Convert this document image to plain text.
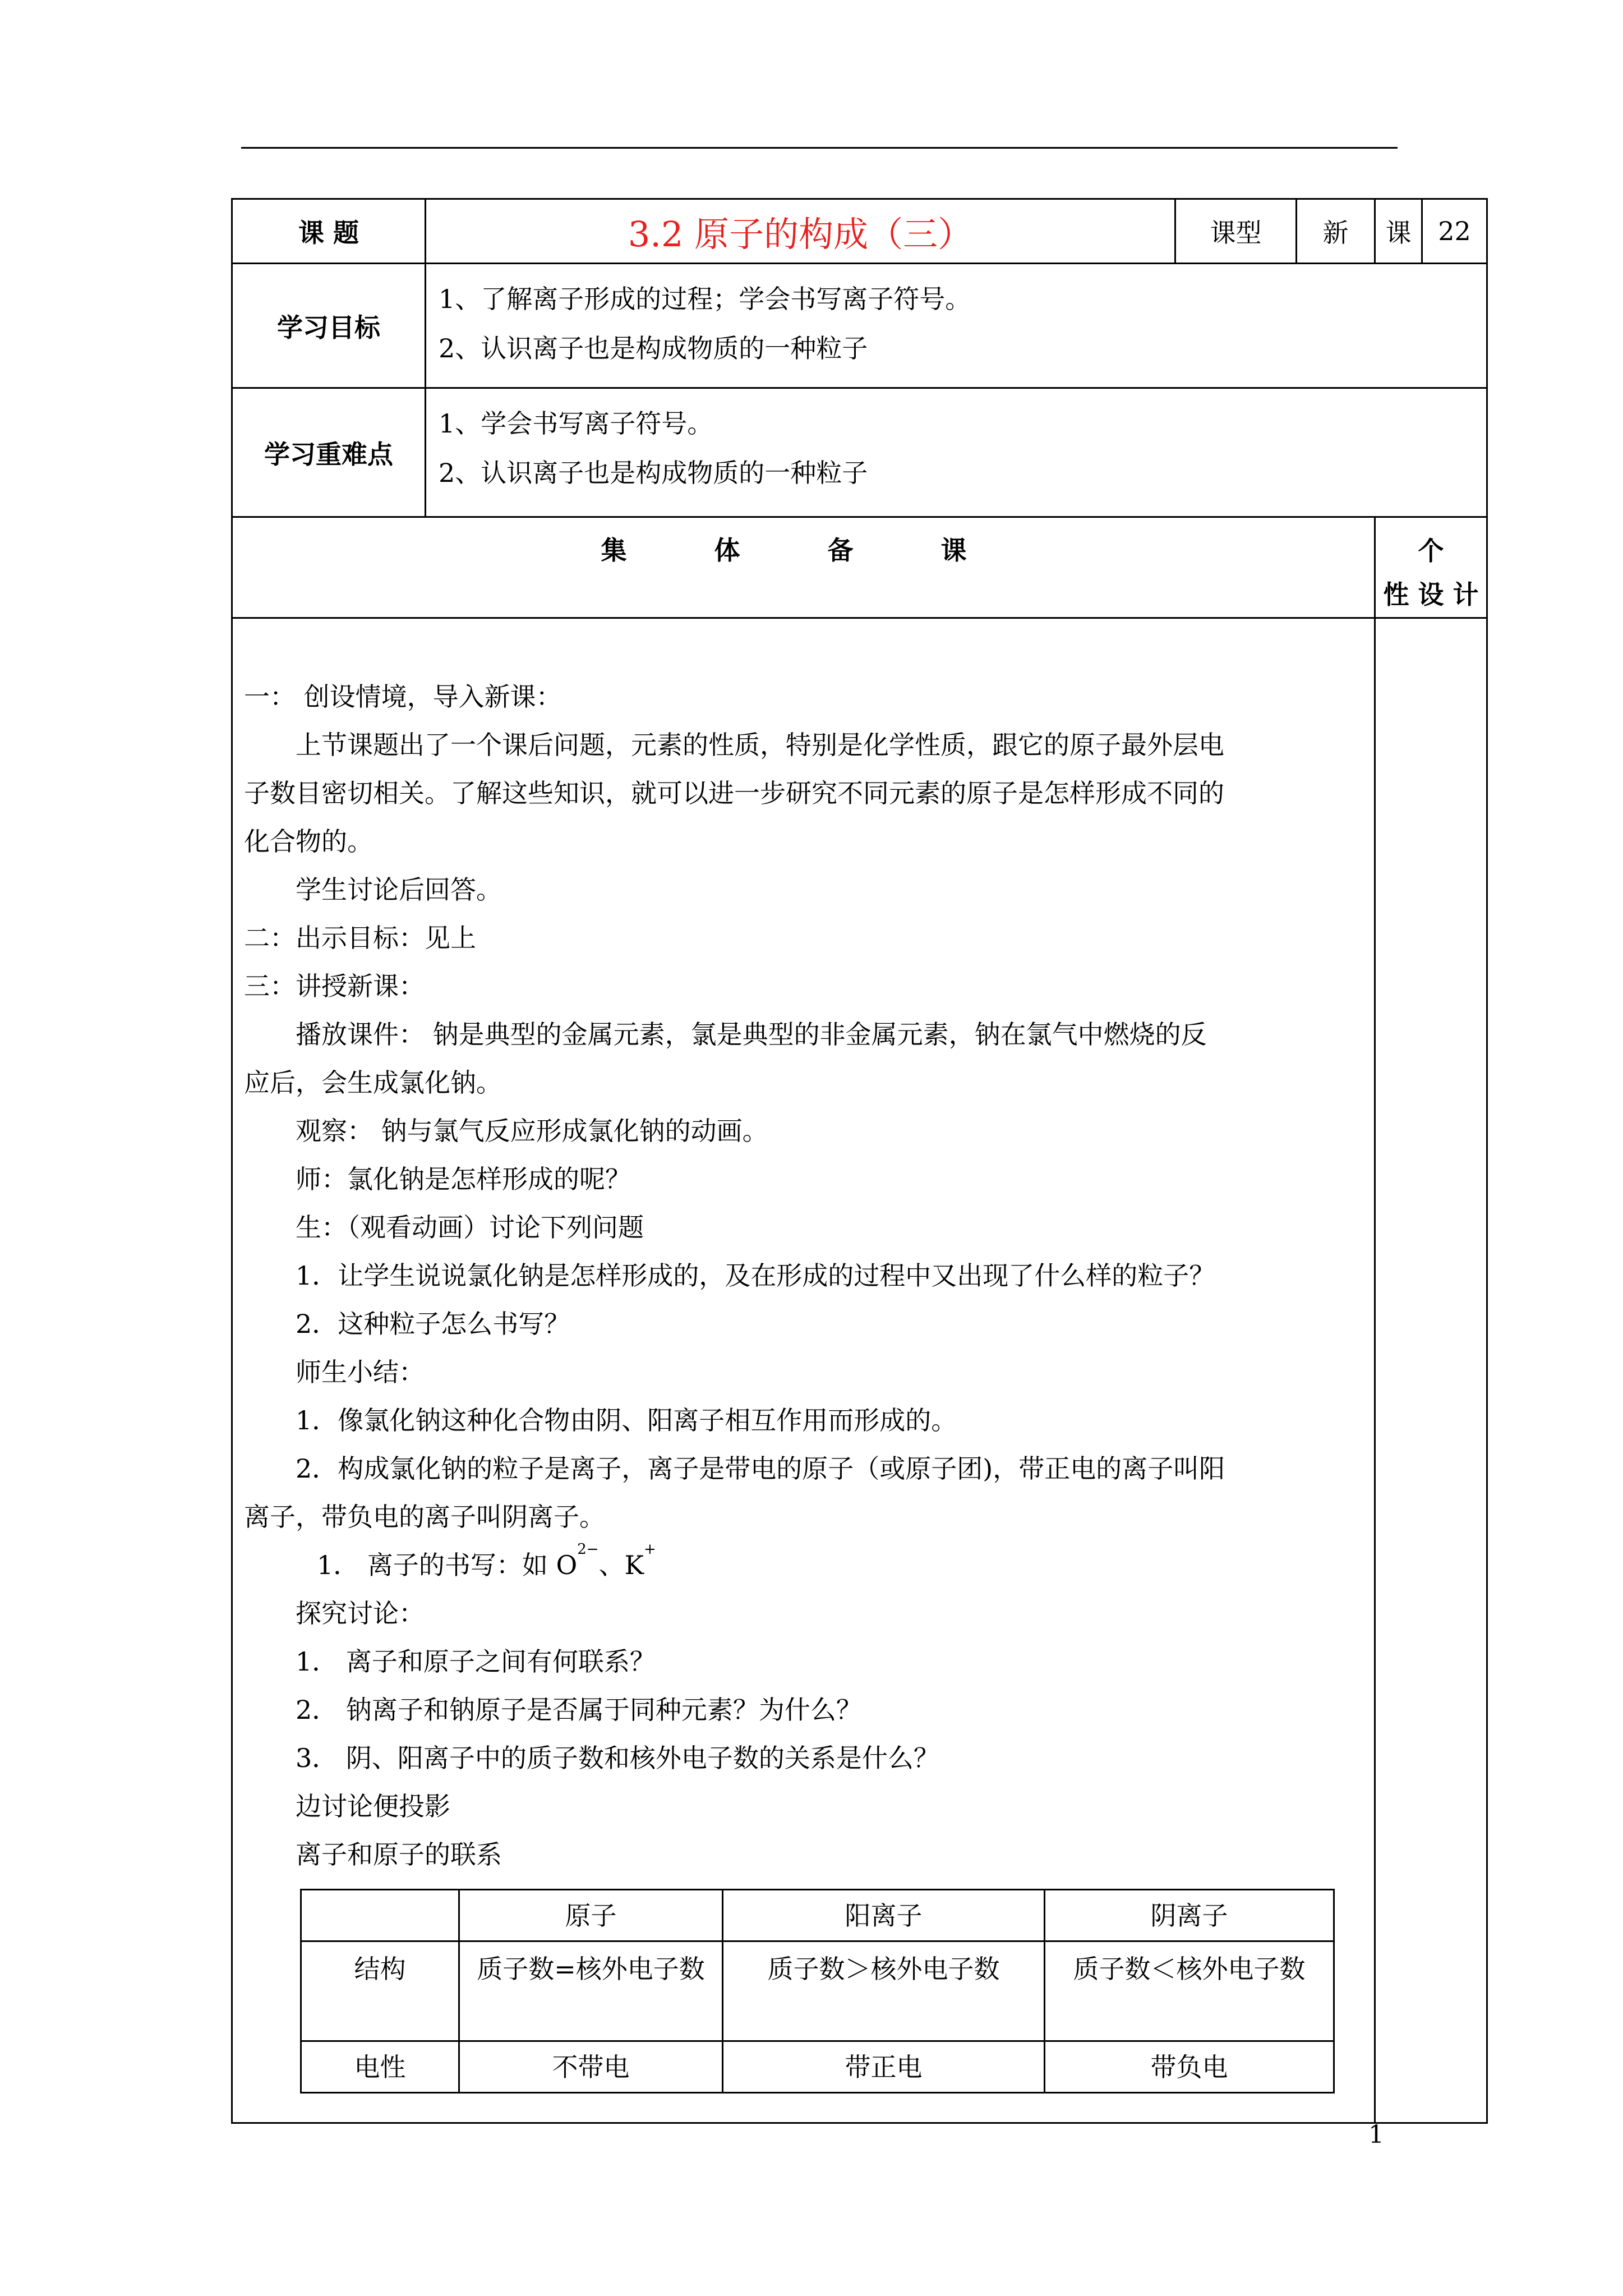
课 题	3.2 原子的构成（三）	课型	新	课	22
学习目标	
1、了解离子形成的过程；学会书写离子符号。
2、认识离子也是构成物质的一种粒子

学习重难点	
1、学会书写离子符号。
2、认识离子也是构成物质的一种粒子

集 体 备 课	个
性 设 计

一： 创设情境，导入新课：

上节课题出了一个课后问题，元素的性质，特别是化学性质，跟它的原子最外层电

子数目密切相关。了解这些知识，就可以进一步研究不同元素的原子是怎样形成不同的

化合物的。

学生讨论后回答。

二：出示目标：见上

三：讲授新课：

播放课件： 钠是典型的金属元素，氯是典型的非金属元素，钠在氯气中燃烧的反

应后，会生成氯化钠。

观察： 钠与氯气反应形成氯化钠的动画。

师：氯化钠是怎样形成的呢？

生：（观看动画）讨论下列问题

1．让学生说说氯化钠是怎样形成的，及在形成的过程中又出现了什么样的粒子？

2．这种粒子怎么书写？

师生小结：

1．像氯化钠这种化合物由阴、阳离子相互作用而形成的。

2．构成氯化钠的粒子是离子，离子是带电的原子（或原子团)，带正电的离子叫阳

离子，带负电的离子叫阴离子。

1． 离子的书写：如 $O^{2-}$、K+

探究讨论：

1． 离子和原子之间有何联系？

2． 钠离子和钠原子是否属于同种元素？为什么？

3． 阴、阳离子中的质子数和核外电子数的关系是什么？

边讨论便投影

离子和原子的联系

	原子	阳离子	阴离子
结构	质子数=核外电子数	质子数＞核外电子数	质子数＜核外电子数
电性	不带电	带正电	带负电

1
